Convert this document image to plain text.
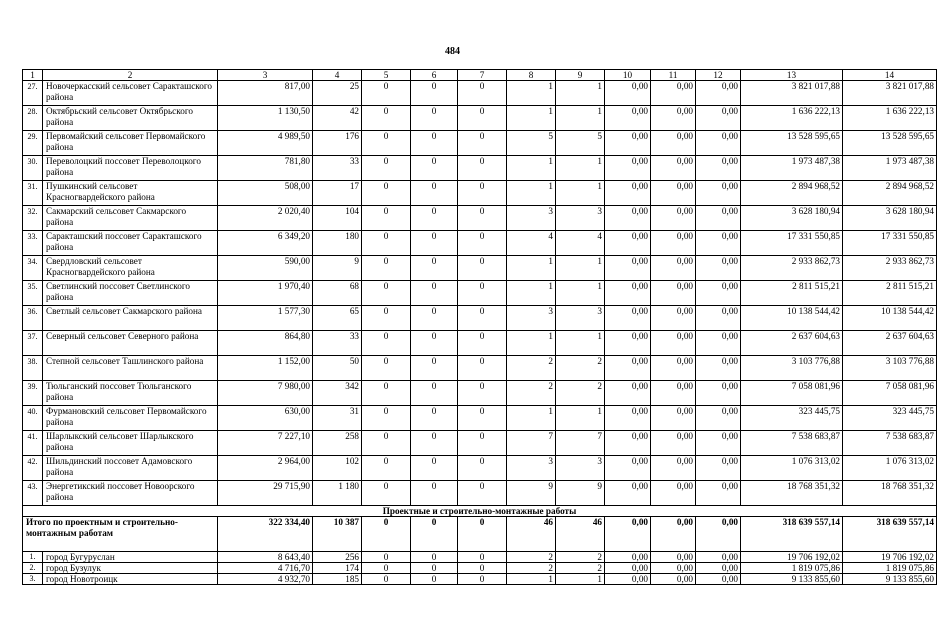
484
1	2	3	4	5	6	7	8	9	10	11	12	13	14
27.	Новочеркасский сельсовет Саракташского района	817,00	25	0	0	0	1	1	0,00	0,00	0,00	3 821 017,88	3 821 017,88
28.	Октябрьский сельсовет Октябрьского района	1 130,50	42	0	0	0	1	1	0,00	0,00	0,00	1 636 222,13	1 636 222,13
29.	Первомайский сельсовет Первомайского района	4 989,50	176	0	0	0	5	5	0,00	0,00	0,00	13 528 595,65	13 528 595,65
30.	Переволоцкий поссовет Переволоцкого района	781,80	33	0	0	0	1	1	0,00	0,00	0,00	1 973 487,38	1 973 487,38
31.	Пушкинский сельсовет Красногвардейского района	508,00	17	0	0	0	1	1	0,00	0,00	0,00	2 894 968,52	2 894 968,52
32.	Сакмарский сельсовет Сакмарского района	2 020,40	104	0	0	0	3	3	0,00	0,00	0,00	3 628 180,94	3 628 180,94
33.	Саракташский поссовет Саракташского района	6 349,20	180	0	0	0	4	4	0,00	0,00	0,00	17 331 550,85	17 331 550,85
34.	Свердловский сельсовет Красногвардейского района	590,00	9	0	0	0	1	1	0,00	0,00	0,00	2 933 862,73	2 933 862,73
35.	Светлинский поссовет Светлинского района	1 970,40	68	0	0	0	1	1	0,00	0,00	0,00	2 811 515,21	2 811 515,21
36.	Светлый сельсовет Сакмарского района	1 577,30	65	0	0	0	3	3	0,00	0,00	0,00	10 138 544,42	10 138 544,42
37.	Северный сельсовет Северного района	864,80	33	0	0	0	1	1	0,00	0,00	0,00	2 637 604,63	2 637 604,63
38.	Степной сельсовет Ташлинского района	1 152,00	50	0	0	0	2	2	0,00	0,00	0,00	3 103 776,88	3 103 776,88
39.	Тюльганский поссовет Тюльганского района	7 980,00	342	0	0	0	2	2	0,00	0,00	0,00	7 058 081,96	7 058 081,96
40.	Фурмановский сельсовет Первомайского района	630,00	31	0	0	0	1	1	0,00	0,00	0,00	323 445,75	323 445,75
41.	Шарлыкский сельсовет Шарлыкского района	7 227,10	258	0	0	0	7	7	0,00	0,00	0,00	7 538 683,87	7 538 683,87
42.	Шильдинский поссовет Адамовского района	2 964,00	102	0	0	0	3	3	0,00	0,00	0,00	1 076 313,02	1 076 313,02
43.	Энергетикский поссовет Новоорского района	29 715,90	1 180	0	0	0	9	9	0,00	0,00	0,00	18 768 351,32	18 768 351,32
Проектные и строительно-монтажные работы													
Итого по проектным и строительно-монтажным работам		322 334,40	10 387	0	0	0	46	46	0,00	0,00	0,00	318 639 557,14	318 639 557,14
1.	город Бугуруслан	8 643,40	256	0	0	0	2	2	0,00	0,00	0,00	19 706 192,02	19 706 192,02
2.	город Бузулук	4 716,70	174	0	0	0	2	2	0,00	0,00	0,00	1 819 075,86	1 819 075,86
3.	город Новотроицк	4 932,70	185	0	0	0	1	1	0,00	0,00	0,00	9 133 855,60	9 133 855,60
